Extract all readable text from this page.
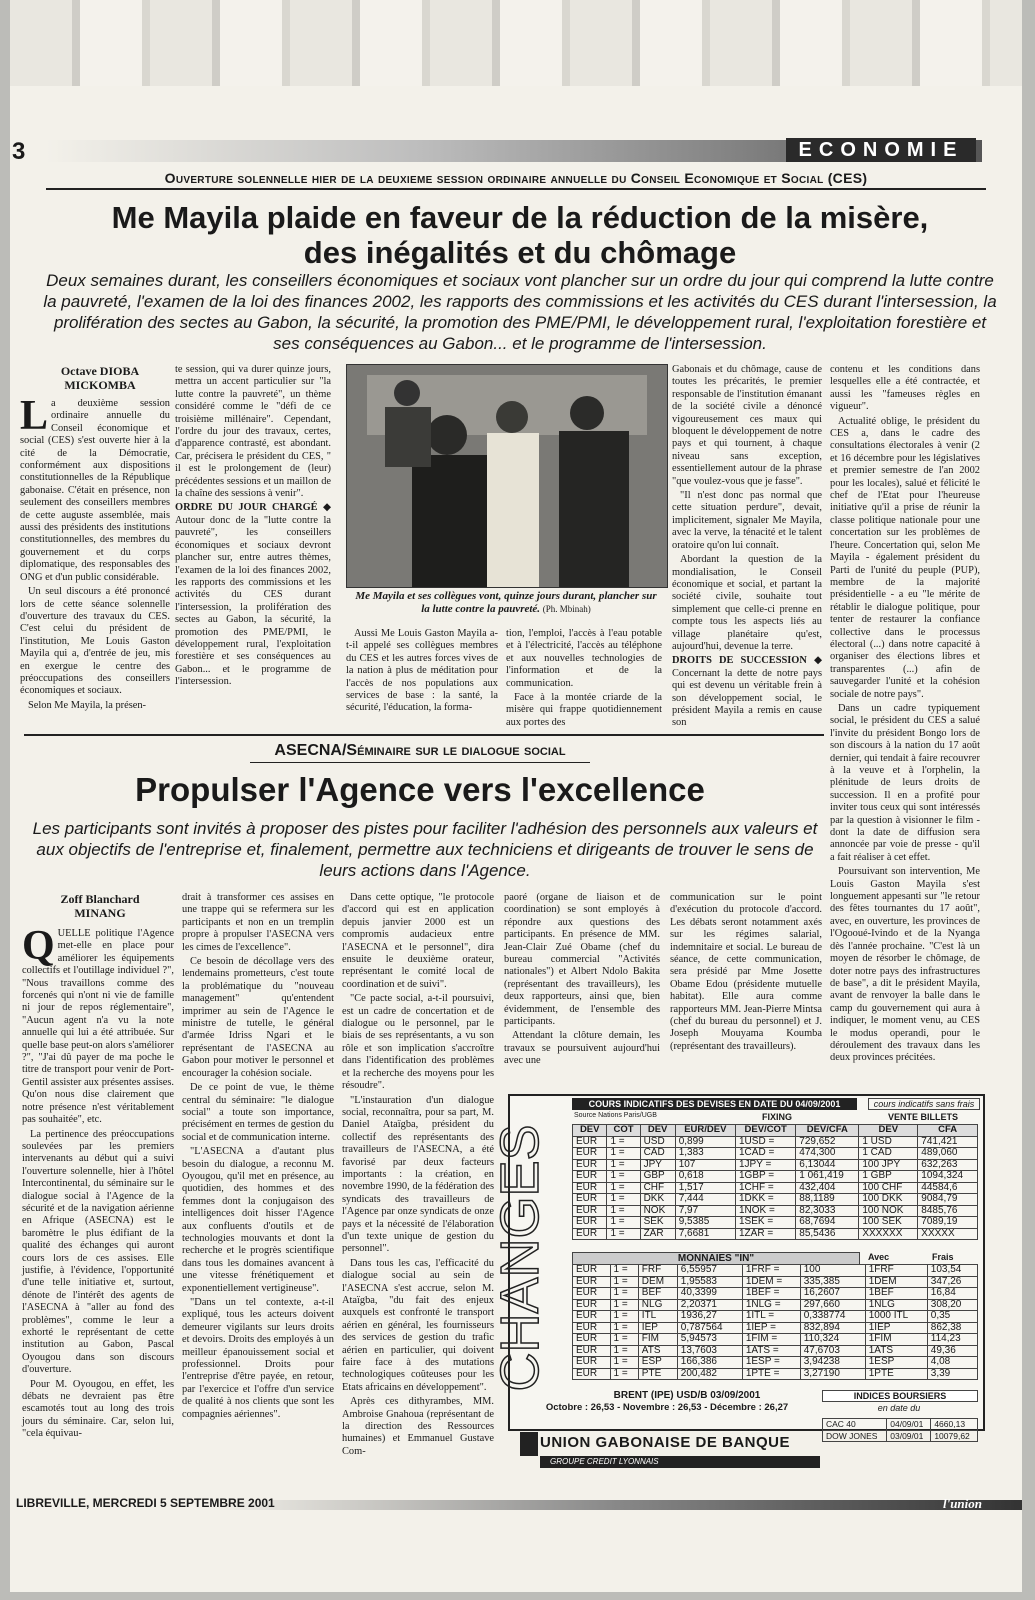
3	ECONOMIE
Ouverture solennelle hier de la deuxieme session ordinaire annuelle du Conseil Economique et Social (CES)
Me Mayila plaide en faveur de la réduction de la misère,
des inégalités et du chômage
Deux semaines durant, les conseillers économiques et sociaux vont plancher sur un ordre du jour qui comprend la lutte contre la pauvreté, l'examen de la loi des finances 2002, les rapports des commissions et les activités du CES durant l'intersession, la prolifération des sectes au Gabon, la sécurité, la promotion des PME/PMI, le développement rural, l'exploitation forestière et ses conséquences au Gabon... et le programme de l'intersession.
Octave DIOBA MICKOMBA
L a deuxième session ordinaire annuelle du Conseil économique et social (CES) s'est ouverte hier à la cité de la Démocratie, conformément aux dispositions constitutionnelles de la République gabonaise. C'était en présence, non seulement des conseillers membres de cette auguste assemblée, mais aussi des présidents des institutions constitutionnelles, des membres du gouvernement et du corps diplomatique, des responsables des ONG et d'un public considérable.

Un seul discours a été prononcé lors de cette séance solennelle d'ouverture des travaux du CES. C'est celui du président de l'institution, Me Louis Gaston Mayila qui a, d'entrée de jeu, mis en exergue le centre des préoccupations des conseillers économiques et sociaux.

Selon Me Mayila, la présen-

te session, qui va durer quinze jours, mettra un accent particulier sur "la lutte contre la pauvreté", un thème considéré comme le "défi de ce troisième millénaire". Cependant, l'ordre du jour des travaux, certes, d'apparence contrasté, est abondant. Car, précisera le président du CES, " il est le prolongement de (leur) précédentes sessions et un maillon de la chaîne des sessions à venir".

ORDRE DU JOUR CHARGÉ ◆ Autour donc de la "lutte contre la pauvreté", les conseillers économiques et sociaux devront plancher sur, entre autres thèmes, l'examen de la loi des finances 2002, les rapports des commissions et les activités du CES durant l'intersession, la prolifération des sectes au Gabon, la sécurité, la promotion des PME/PMI, le développement rural, l'exploitation forestière et ses conséquences au Gabon... et le programme de l'intersession.

Me Mayila et ses collègues vont, quinze jours durant, plancher sur la lutte contre la pauvreté. (Ph. Mbinah)

Aussi Me Louis Gaston Mayila a-t-il appelé ses collègues membres du CES et les autres forces vives de la nation à plus de méditation pour l'accès de nos populations aux services de base : la santé, la sécurité, l'éducation, la forma-

tion, l'emploi, l'accès à l'eau potable et à l'électricité, l'accès au téléphone et aux nouvelles technologies de l'information et de la communication.

Face à la montée criarde de la misère qui frappe quotidiennement aux portes des

Gabonais et du chômage, cause de toutes les précarités, le premier responsable de l'institution émanant de la société civile a dénoncé vigoureusement ces maux qui bloquent le développement de notre pays et qui tournent, à chaque niveau sans exception, essentiellement autour de la phrase "que voulez-vous que je fasse".

"Il n'est donc pas normal que cette situation perdure", devait, implicitement, signaler Me Mayila, avec la verve, la ténacité et le talent oratoire qu'on lui connaît.

Abordant la question de la mondialisation, le Conseil économique et social, et partant la société civile, souhaite tout simplement que celle-ci prenne en compte tous les aspects liés au village planétaire qu'est, aujourd'hui, devenue la terre.

DROITS DE SUCCESSION ◆ Concernant la dette de notre pays qui est devenu un véritable frein à son développement social, le président Mayila a remis en cause son

contenu et les conditions dans lesquelles elle a été contractée, et aussi les "fameuses règles en vigueur".

Actualité oblige, le président du CES a, dans le cadre des consultations électorales à venir (2 et 16 décembre pour les législatives et premier semestre de l'an 2002 pour les locales), salué et félicité le chef de l'Etat pour l'heureuse initiative qu'il a prise de réunir la classe politique nationale pour une concertation sur les problèmes de l'heure. Concertation qui, selon Me Mayila - également président du Parti de l'unité du peuple (PUP), membre de la majorité présidentielle - a eu "le mérite de rétablir le dialogue politique, pour tenter de restaurer la confiance collective dans le processus électoral (...) dans notre capacité à organiser des élections libres et transparentes (...) afin de sauvegarder l'unité et la cohésion sociale de notre pays".

Dans un cadre typiquement social, le président du CES a salué l'invite du président Bongo lors de son discours à la nation du 17 août dernier, qui tendait à faire recouvrer à la veuve et à l'orphelin, la plénitude de leurs droits de succession. Il en a profité pour inviter tous ceux qui sont intéressés par la question à visionner le film - dont la date de diffusion sera annoncée par voie de presse - qu'il a fait réaliser à cet effet.

Poursuivant son intervention, Me Louis Gaston Mayila s'est longuement appesanti sur "le retour des fêtes tournantes du 17 août", avec, en ouverture, les provinces de l'Ogooué-Ivindo et de la Nyanga dès l'année prochaine. "C'est là un moyen de résorber le chômage, de doter notre pays des infrastructures de base", a dit le président Mayila, avant de renvoyer la balle dans le camp du gouvernement qui aura à indiquer, le moment venu, au CES le modus operandi, pour le déroulement des travaux dans les deux provinces précitées.

ASECNA/Séminaire sur le dialogue social
Propulser l'Agence vers l'excellence
Les participants sont invités à proposer des pistes pour faciliter l'adhésion des personnels aux valeurs et aux objectifs de l'entreprise et, finalement, permettre aux techniciens et dirigeants de trouver le sens de leurs actions dans l'Agence.
Zoff Blanchard MINANG
Q UELLE politique l'Agence met-elle en place pour améliorer les équipements collectifs et l'outillage individuel ?", "Nous travaillons comme des forcenés qui n'ont ni vie de famille ni jour de repos réglementaire", "Aucun agent n'a vu la note annuelle qui lui a été attribuée. Sur quelle base peut-on alors s'améliorer ?", "J'ai dû payer de ma poche le titre de transport pour venir de Port-Gentil assister aux présentes assises. Qu'on nous dise clairement que notre présence n'est véritablement pas souhaitée", etc.

La pertinence des préoccupations soulevées par les premiers intervenants au début qui a suivi l'ouverture solennelle, hier à l'hôtel Intercontinental, du séminaire sur le dialogue social à l'Agence de la sécurité et de la navigation aérienne en Afrique (ASECNA) est le baromètre le plus édifiant de la qualité des échanges qui auront cours lors de ces assises. Elle justifie, à l'évidence, l'opportunité d'une telle initiative et, surtout, dénote de l'intérêt des agents de l'ASECNA à "aller au fond des problèmes", comme le leur a exhorté le représentant de cette institution au Gabon, Pascal Oyougou dans son discours d'ouverture.

Pour M. Oyougou, en effet, les débats ne devraient pas être escamotés tout au long des trois jours du séminaire. Car, selon lui, "cela équivau-

drait à transformer ces assises en une trappe qui se refermera sur les participants et non en un tremplin propre à propulser l'ASECNA vers les cimes de l'excellence".

Ce besoin de décollage vers des lendemains prometteurs, c'est toute la problématique du "nouveau management" qu'entendent imprimer au sein de l'Agence le ministre de tutelle, le général d'armée Idriss Ngari et le représentant de l'ASECNA au Gabon pour motiver le personnel et encourager la cohésion sociale.

De ce point de vue, le thème central du séminaire: "le dialogue social" a toute son importance, précisément en termes de gestion du social et de communication interne.

"L'ASECNA a d'autant plus besoin du dialogue, a reconnu M. Oyougou, qu'il met en présence, au quotidien, des hommes et des femmes dont la conjugaison des intelligences doit hisser l'Agence aux confluents d'outils et de technologies mouvants et dont la recherche et le progrès scientifique dans tous les domaines avancent à une vitesse frénétiquement et exponentiellement vertigineuse".

"Dans un tel contexte, a-t-il expliqué, tous les acteurs doivent demeurer vigilants sur leurs droits et devoirs. Droits des employés à un meilleur épanouissement social et professionnel. Droits pour l'entreprise d'être payée, en retour, par l'exercice et l'offre d'un service de qualité à nos clients que sont les compagnies aériennes".

Dans cette optique, "le protocole d'accord qui est en application depuis janvier 2000 est un compromis audacieux entre l'ASECNA et le personnel", dira ensuite le deuxième orateur, représentant le comité local de coordination et de suivi".

"Ce pacte social, a-t-il poursuivi, est un cadre de concertation et de dialogue ou le personnel, par le biais de ses représentants, a vu son rôle et son implication s'accroître dans l'identification des problèmes et la recherche des moyens pour les résoudre".

"L'instauration d'un dialogue social, reconnaîtra, pour sa part, M. Daniel Ataïgba, président du collectif des représentants des travailleurs de l'ASECNA, a été favorisé par deux facteurs importants : la création, en novembre 1990, de la fédération des syndicats des travailleurs de l'Agence par onze syndicats de onze pays et la nécessité de l'élaboration d'un texte unique de gestion du personnel".

Dans tous les cas, l'efficacité du dialogue social au sein de l'ASECNA s'est accrue, selon M. Ataïgba, "du fait des enjeux auxquels est confronté le transport aérien en général, les fournisseurs des services de gestion du trafic aérien en particulier, qui doivent faire face à des mutations technologiques coûteuses pour les Etats africains en développement".

Après ces dithyrambes, MM. Ambroise Gnahoua (représentant de la direction des Ressources humaines) et Emmanuel Gustave Com-

paoré (organe de liaison et de coordination) se sont employés à répondre aux questions des participants. En présence de MM. Jean-Clair Zué Obame (chef du bureau commercial "Activités nationales") et Albert Ndolo Bakita (représentant des travailleurs), les deux rapporteurs, ainsi que, bien évidemment, de l'ensemble des participants.

Attendant la clôture demain, les travaux se poursuivent aujourd'hui avec une

communication sur le point d'exécution du protocole d'accord. Les débats seront notamment axés sur les régimes salarial, indemnitaire et social. Le bureau de séance, de cette communication, sera présidé par Mme Josette Obame Edou (présidente mutuelle habitat). Elle aura comme rapporteurs MM. Jean-Pierre Mintsa (chef du bureau du personnel) et J. Joseph Mouyama Koumba (représentant des travailleurs).

CHANGES
COURS INDICATIFS DES DEVISES EN DATE DU 04/09/2001
Source Nations Paris/UGB	FIXING
cours indicatifs sans frais
VENTE BILLETS
DEV	COT	DEV	EUR/DEV	DEV/COT	DEV/CFA	DEV	CFA
EUR	1 =	USD	0,899	1USD =	729,652	1 USD	741,421
EUR	1 =	CAD	1,383	1CAD =	474,300	1 CAD	489,060
EUR	1 =	JPY	107	1JPY =	6,13044	100 JPY	632,263
EUR	1 =	GBP	0,618	1GBP =	1 061,419	1 GBP	1094,324
EUR	1 =	CHF	1,517	1CHF =	432,404	100 CHF	44584,6
EUR	1 =	DKK	7,444	1DKK =	88,1189	100 DKK	9084,79
EUR	1 =	NOK	7,97	1NOK =	82,3033	100 NOK	8485,76
EUR	1 =	SEK	9,5385	1SEK =	68,7694	100 SEK	7089,19
EUR	1 =	ZAR	7,6681	1ZAR =	85,5436	XXXXXX	XXXXX
MONNAIES "IN"	Avec	Frais
EUR	1 =	FRF	6,55957	1FRF =	100	1FRF	103,54
EUR	1 =	DEM	1,95583	1DEM =	335,385	1DEM	347,26
EUR	1 =	BEF	40,3399	1BEF =	16,2607	1BEF	16,84
EUR	1 =	NLG	2,20371	1NLG =	297,660	1NLG	308,20
EUR	1 =	ITL	1936,27	1ITL =	0,338774	1000 ITL	0,35
EUR	1 =	IEP	0,787564	1IEP =	832,894	1IEP	862,38
EUR	1 =	FIM	5,94573	1FIM =	110,324	1FIM	114,23
EUR	1 =	ATS	13,7603	1ATS =	47,6703	1ATS	49,36
EUR	1 =	ESP	166,386	1ESP =	3,94238	1ESP	4,08
EUR	1 =	PTE	200,482	1PTE =	3,27190	1PTE	3,39
BRENT (IPE) USD/B 03/09/2001
Octobre : 26,53 - Novembre : 26,53 - Décembre : 26,27
INDICES BOURSIERS
en date du
CAC 40	04/09/01	4660,13
DOW JONES	03/09/01	10079,62
UNION GABONAISE DE BANQUE
GROUPE CREDIT LYONNAIS
LIBREVILLE, MERCREDI 5 SEPTEMBRE 2001	l'union
